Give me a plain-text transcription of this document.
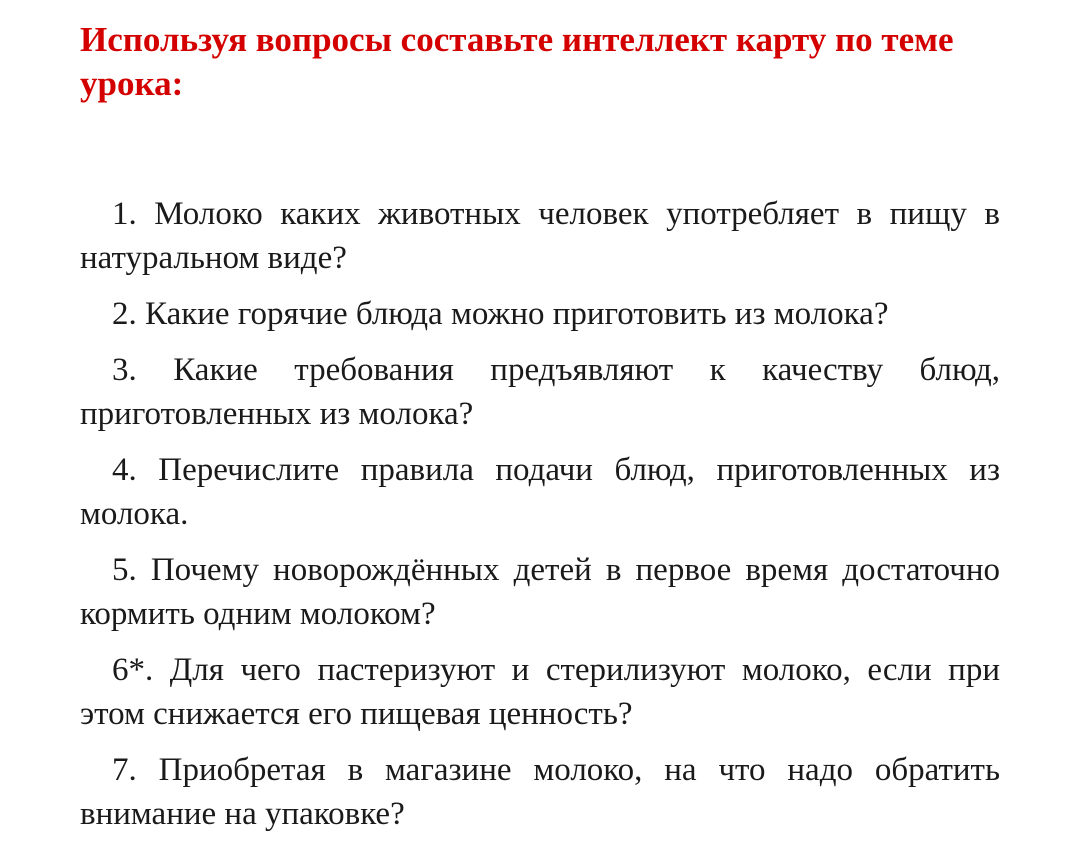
Используя вопросы составьте интеллект карту по теме урока:
1. Молоко каких животных человек употребляет в пищу в натуральном виде?
2. Какие горячие блюда можно приготовить из молока?
3. Какие требования предъявляют к качеству блюд, приготовленных из молока?
4. Перечислите правила подачи блюд, приготовленных из молока.
5. Почему новорождённых детей в первое время достаточно кормить одним молоком?
6*. Для чего пастеризуют и стерилизуют молоко, если при этом снижается его пищевая ценность?
7. Приобретая в магазине молоко, на что надо обратить внимание на упаковке?
